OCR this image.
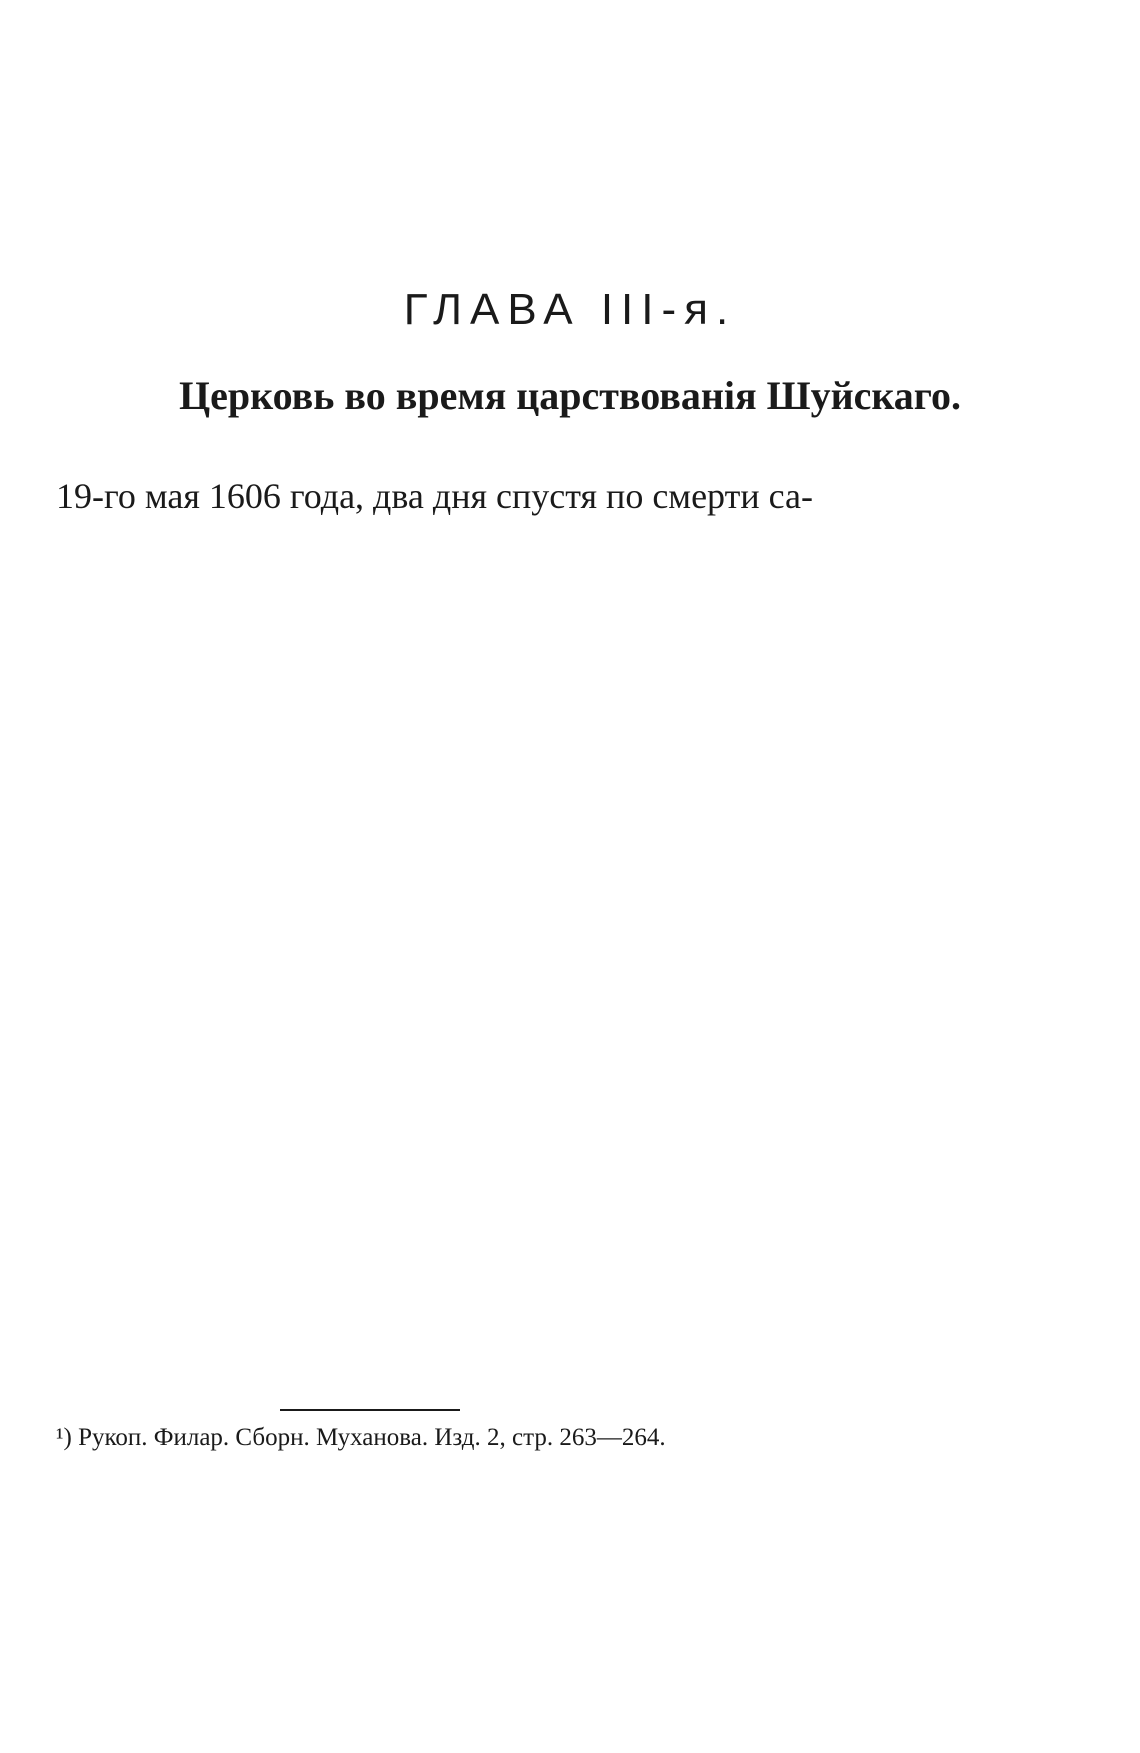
ГЛАВА III-я.
Церковь во время царствованія Шуйскаго.
19-го мая 1606 года, два дня спустя по смерти са-
¹) Рукоп. Филар. Сборн. Муханова. Изд. 2, стр. 263—264.
